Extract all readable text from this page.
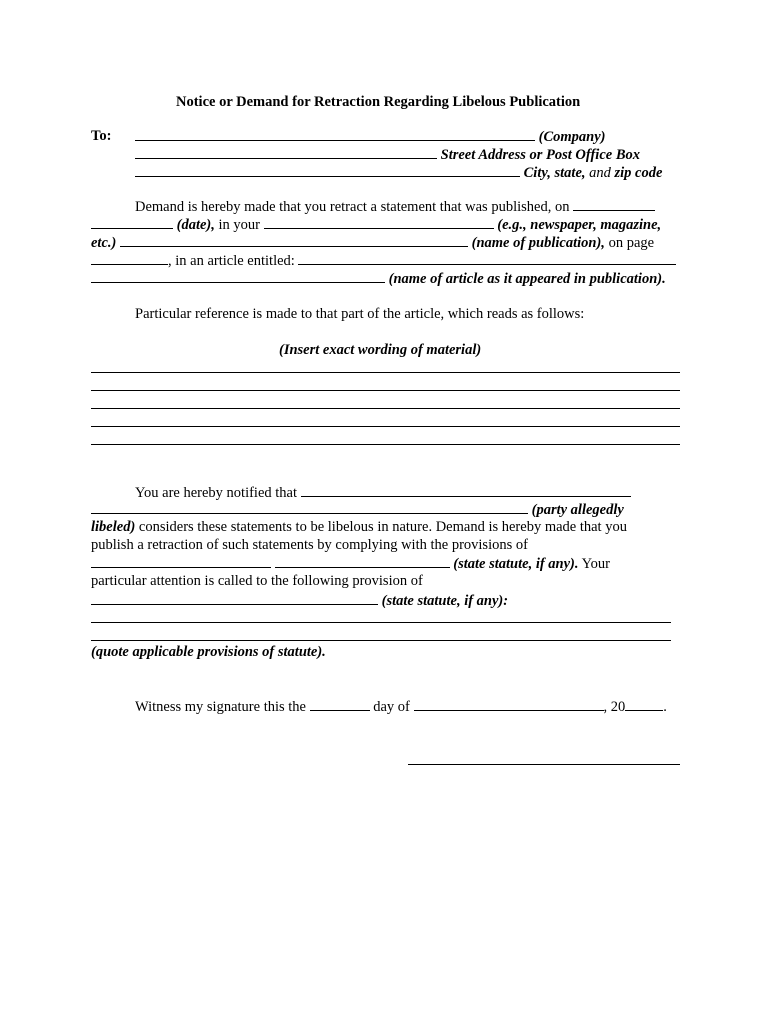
Notice or Demand for Retraction Regarding Libelous Publication
To:	(Company)
Street Address or Post Office Box
City, state, and zip code
Demand is hereby made that you retract a statement that was published, on
(date), in your	(e.g., newspaper, magazine,
etc.)	(name of publication), on page
, in an article entitled:
(name of article as it appeared in publication).
Particular reference is made to that part of the article, which reads as follows:
(Insert exact wording of material)
You are hereby notified that
(party allegedly
libeled) considers these statements to be libelous in nature. Demand is hereby made that you
publish a retraction of such statements by complying with the provisions of
(state statute, if any). Your
particular attention is called to the following provision of
(state statute, if any):
(quote applicable provisions of statute).
Witness my signature this the	day of	, 20	.
